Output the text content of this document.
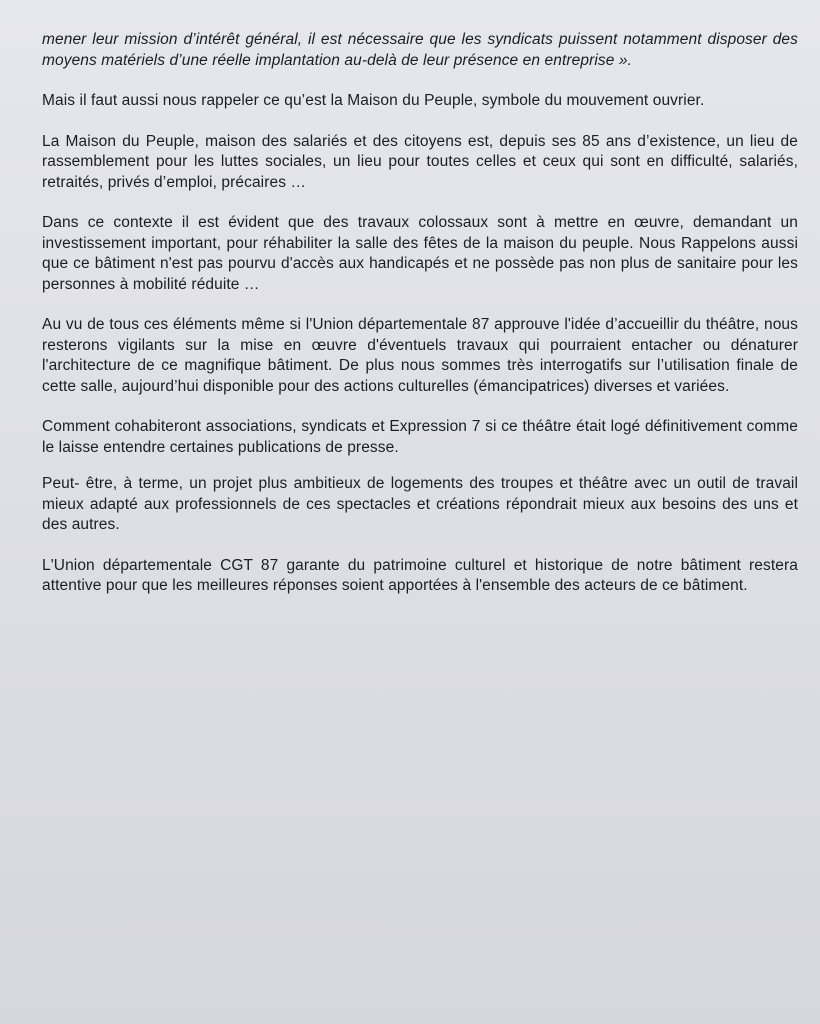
mener leur mission d’intérêt général, il est nécessaire que les syndicats puissent notamment disposer des moyens matériels d’une réelle implantation au-delà de leur présence en entreprise ».

Mais il faut aussi nous rappeler ce qu’est la Maison du Peuple, symbole du mouvement ouvrier.

La Maison du Peuple, maison des salariés et des citoyens est, depuis ses 85 ans d’existence, un lieu de rassemblement pour les luttes sociales, un lieu pour toutes celles et ceux qui sont en difficulté, salariés, retraités, privés d’emploi, précaires …

Dans ce contexte il est évident que des travaux colossaux sont à mettre en œuvre, demandant un investissement important, pour réhabiliter la salle des fêtes de la maison du peuple. Nous Rappelons aussi que ce bâtiment n'est pas pourvu d'accès aux handicapés et ne possède pas non plus de sanitaire pour les personnes à mobilité réduite …

Au vu de tous ces éléments même si l'Union départementale 87 approuve l'idée d’accueillir du théâtre, nous resterons vigilants sur la mise en œuvre d'éventuels travaux qui pourraient entacher ou dénaturer l'architecture de ce magnifique bâtiment. De plus nous sommes très interrogatifs sur l’utilisation finale de cette salle, aujourd’hui disponible pour des actions culturelles (émancipatrices) diverses et variées.

Comment cohabiteront associations, syndicats et Expression 7 si ce théâtre était logé définitivement comme le laisse entendre certaines publications de presse.

Peut- être, à terme, un projet plus ambitieux de logements des troupes et théâtre avec un outil de travail mieux adapté aux professionnels de ces spectacles et créations répondrait mieux aux besoins des uns et des autres.

L'Union départementale CGT 87 garante du patrimoine culturel et historique de notre bâtiment restera attentive pour que les meilleures réponses soient apportées à l'ensemble des acteurs de ce bâtiment.
